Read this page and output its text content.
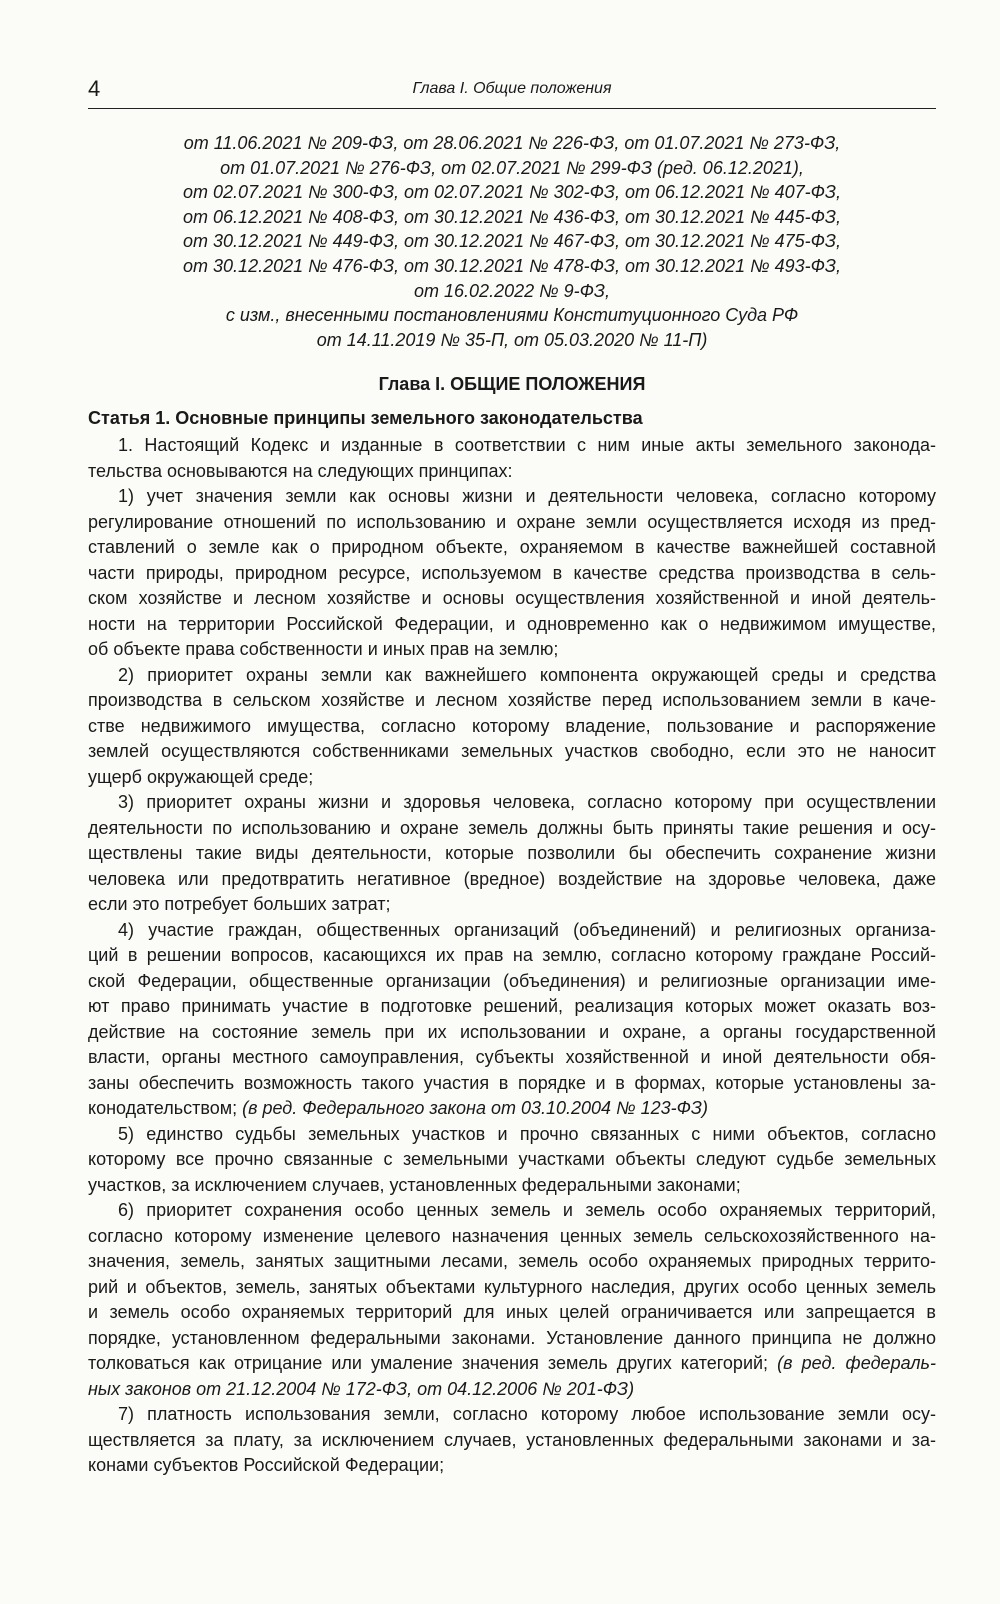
4	Глава I. Общие положения
от 11.06.2021 № 209-ФЗ, от 28.06.2021 № 226-ФЗ, от 01.07.2021 № 273-ФЗ,
от 01.07.2021 № 276-ФЗ, от 02.07.2021 № 299-ФЗ (ред. 06.12.2021),
от 02.07.2021 № 300-ФЗ, от 02.07.2021 № 302-ФЗ, от 06.12.2021 № 407-ФЗ,
от 06.12.2021 № 408-ФЗ, от 30.12.2021 № 436-ФЗ, от 30.12.2021 № 445-ФЗ,
от 30.12.2021 № 449-ФЗ, от 30.12.2021 № 467-ФЗ, от 30.12.2021 № 475-ФЗ,
от 30.12.2021 № 476-ФЗ, от 30.12.2021 № 478-ФЗ, от 30.12.2021 № 493-ФЗ,
от 16.02.2022 № 9-ФЗ,
с изм., внесенными постановлениями Конституционного Суда РФ
от 14.11.2019 № 35-П, от 05.03.2020 № 11-П)
Глава I. ОБЩИЕ ПОЛОЖЕНИЯ
Статья 1. Основные принципы земельного законодательства
1. Настоящий Кодекс и изданные в соответствии с ним иные акты земельного законода-
тельства основываются на следующих принципах:
1) учет значения земли как основы жизни и деятельности человека, согласно которому
регулирование отношений по использованию и охране земли осуществляется исходя из пред-
ставлений о земле как о природном объекте, охраняемом в качестве важнейшей составной
части природы, природном ресурсе, используемом в качестве средства производства в сель-
ском хозяйстве и лесном хозяйстве и основы осуществления хозяйственной и иной деятель-
ности на территории Российской Федерации, и одновременно как о недвижимом имуществе,
об объекте права собственности и иных прав на землю;
2) приоритет охраны земли как важнейшего компонента окружающей среды и средства
производства в сельском хозяйстве и лесном хозяйстве перед использованием земли в каче-
стве недвижимого имущества, согласно которому владение, пользование и распоряжение
землей осуществляются собственниками земельных участков свободно, если это не наносит
ущерб окружающей среде;
3) приоритет охраны жизни и здоровья человека, согласно которому при осуществлении
деятельности по использованию и охране земель должны быть приняты такие решения и осу-
ществлены такие виды деятельности, которые позволили бы обеспечить сохранение жизни
человека или предотвратить негативное (вредное) воздействие на здоровье человека, даже
если это потребует больших затрат;
4) участие граждан, общественных организаций (объединений) и религиозных организа-
ций в решении вопросов, касающихся их прав на землю, согласно которому граждане Россий-
ской Федерации, общественные организации (объединения) и религиозные организации име-
ют право принимать участие в подготовке решений, реализация которых может оказать воз-
действие на состояние земель при их использовании и охране, а органы государственной
власти, органы местного самоуправления, субъекты хозяйственной и иной деятельности обя-
заны обеспечить возможность такого участия в порядке и в формах, которые установлены за-
конодательством; (в ред. Федерального закона от 03.10.2004 № 123-ФЗ)
5) единство судьбы земельных участков и прочно связанных с ними объектов, согласно
которому все прочно связанные с земельными участками объекты следуют судьбе земельных
участков, за исключением случаев, установленных федеральными законами;
6) приоритет сохранения особо ценных земель и земель особо охраняемых территорий,
согласно которому изменение целевого назначения ценных земель сельскохозяйственного на-
значения, земель, занятых защитными лесами, земель особо охраняемых природных террито-
рий и объектов, земель, занятых объектами культурного наследия, других особо ценных земель
и земель особо охраняемых территорий для иных целей ограничивается или запрещается в
порядке, установленном федеральными законами. Установление данного принципа не должно
толковаться как отрицание или умаление значения земель других категорий; (в ред. федераль-
ных законов от 21.12.2004 № 172-ФЗ, от 04.12.2006 № 201-ФЗ)
7) платность использования земли, согласно которому любое использование земли осу-
ществляется за плату, за исключением случаев, установленных федеральными законами и за-
конами субъектов Российской Федерации;
